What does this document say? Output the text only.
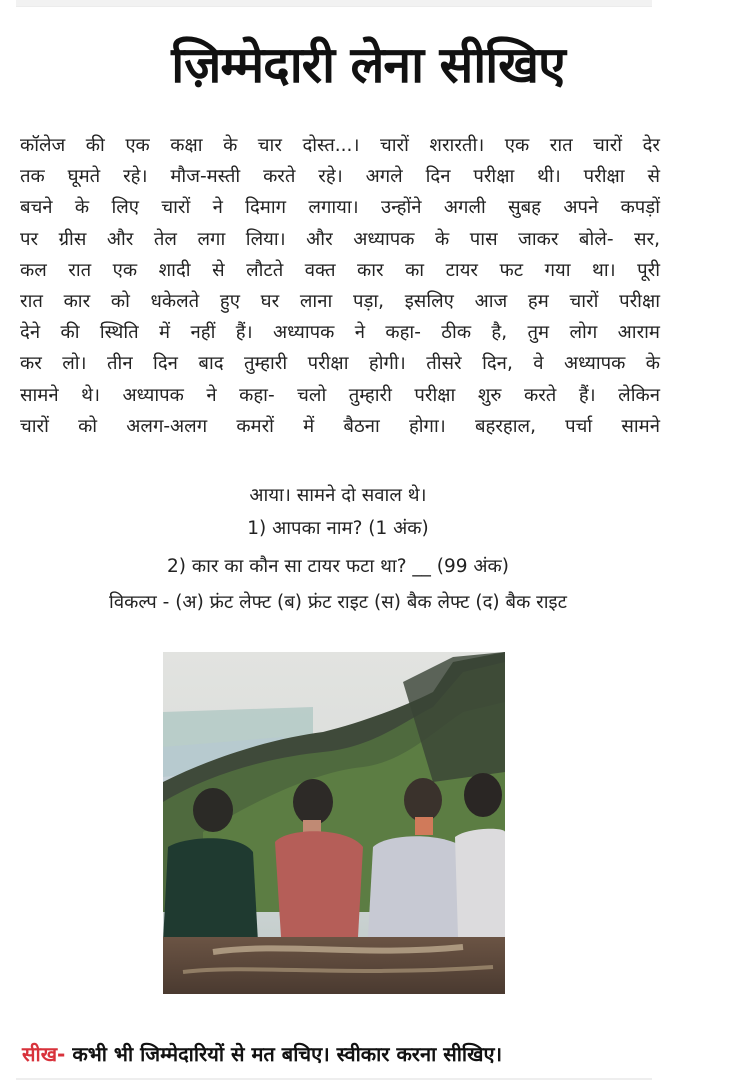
ज़िम्मेदारी लेना सीखिए
कॉलेज की एक कक्षा के चार दोस्त...। चारों शरारती। एक रात चारों देर
तक घूमते रहे। मौज-मस्ती करते रहे। अगले दिन परीक्षा थी। परीक्षा से
बचने के लिए चारों ने दिमाग लगाया। उन्होंने अगली सुबह अपने कपड़ों
पर ग्रीस और तेल लगा लिया। और अध्यापक के पास जाकर बोले- सर,
कल रात एक शादी से लौटते वक्त कार का टायर फट गया था। पूरी
रात कार को धकेलते हुए घर लाना पड़ा, इसलिए आज हम चारों परीक्षा
देने की स्थिति में नहीं हैं। अध्यापक ने कहा- ठीक है, तुम लोग आराम
कर लो। तीन दिन बाद तुम्हारी परीक्षा होगी। तीसरे दिन, वे अध्यापक के
सामने थे। अध्यापक ने कहा- चलो तुम्हारी परीक्षा शुरु करते हैं। लेकिन
चारों को अलग-अलग कमरों में बैठना होगा। बहरहाल, पर्चा सामने
आया। सामने दो सवाल थे।
1) आपका नाम? (1 अंक)
2) कार का कौन सा टायर फटा था? __ (99 अंक)
विकल्प - (अ) फ्रंट लेफ्ट (ब) फ्रंट राइट (स) बैक लेफ्ट (द) बैक राइट
सीख- कभी भी जिम्मेदारियों से मत बचिए। स्वीकार करना सीखिए।
